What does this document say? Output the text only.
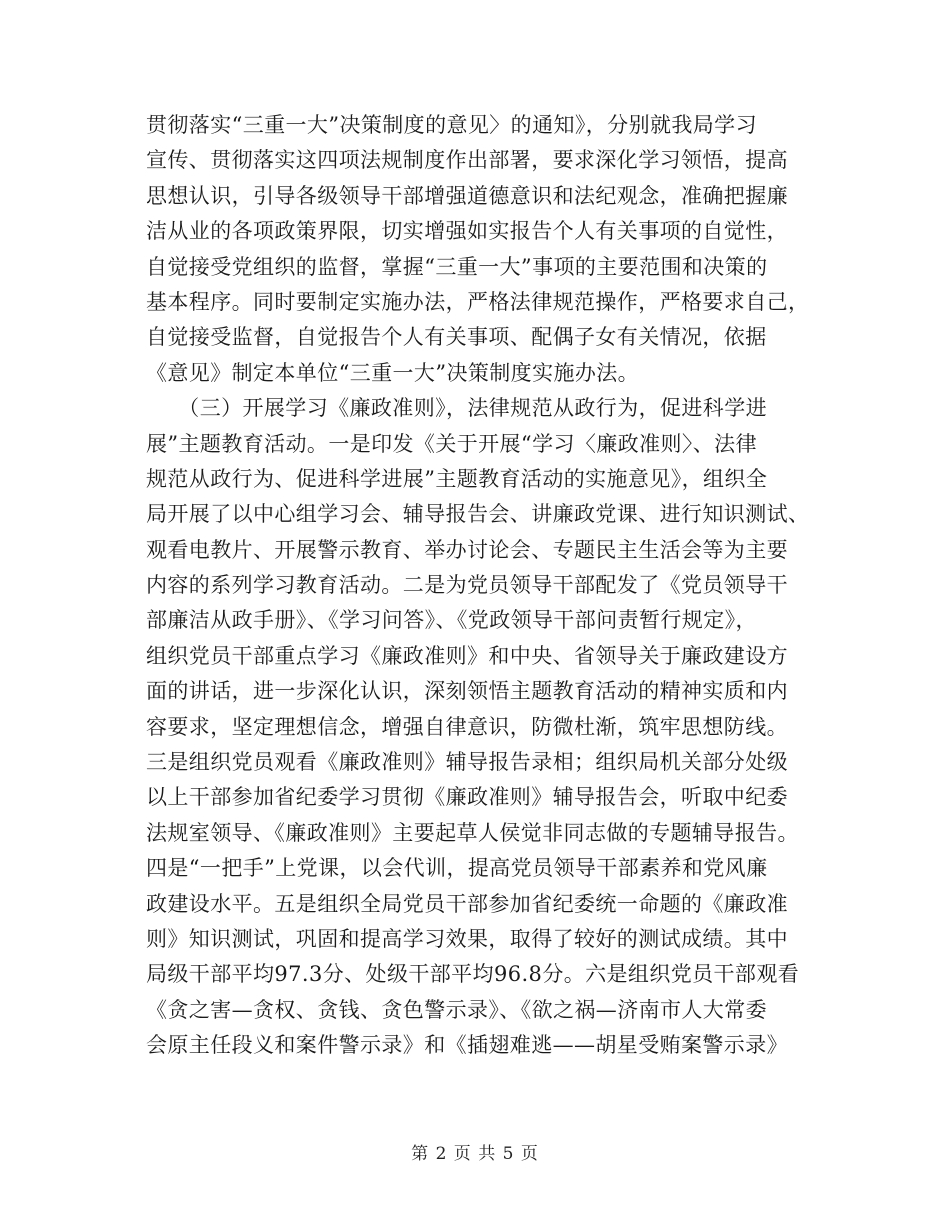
贯彻落实“三重一大”决策制度的意见〉的通知》，分别就我局学习
宣传、贯彻落实这四项法规制度作出部署，要求深化学习领悟，提高
思想认识，引导各级领导干部增强道德意识和法纪观念，准确把握廉
洁从业的各项政策界限，切实增强如实报告个人有关事项的自觉性，
自觉接受党组织的监督，掌握“三重一大”事项的主要范围和决策的
基本程序。同时要制定实施办法，严格法律规范操作，严格要求自己，
自觉接受监督，自觉报告个人有关事项、配偶子女有关情况，依据
《意见》制定本单位“三重一大”决策制度实施办法。
　　（三）开展学习《廉政准则》，法律规范从政行为，促进科学进
展”主题教育活动。一是印发《关于开展“学习〈廉政准则〉、法律
规范从政行为、促进科学进展”主题教育活动的实施意见》，组织全
局开展了以中心组学习会、辅导报告会、讲廉政党课、进行知识测试、
观看电教片、开展警示教育、举办讨论会、专题民主生活会等为主要
内容的系列学习教育活动。二是为党员领导干部配发了《党员领导干
部廉洁从政手册》、《学习问答》、《党政领导干部问责暂行规定》，
组织党员干部重点学习《廉政准则》和中央、省领导关于廉政建设方
面的讲话，进一步深化认识，深刻领悟主题教育活动的精神实质和内
容要求，坚定理想信念，增强自律意识，防微杜渐，筑牢思想防线。
三是组织党员观看《廉政准则》辅导报告录相；组织局机关部分处级
以上干部参加省纪委学习贯彻《廉政准则》辅导报告会，听取中纪委
法规室领导、《廉政准则》主要起草人侯觉非同志做的专题辅导报告。
四是“一把手”上党课，以会代训，提高党员领导干部素养和党风廉
政建设水平。五是组织全局党员干部参加省纪委统一命题的《廉政准
则》知识测试，巩固和提高学习效果，取得了较好的测试成绩。其中
局级干部平均97.3分、处级干部平均96.8分。六是组织党员干部观看
《贪之害—贪权、贪钱、贪色警示录》、《欲之祸—济南市人大常委
会原主任段义和案件警示录》和《插翅难逃——胡星受贿案警示录》
第 2 页 共 5 页
